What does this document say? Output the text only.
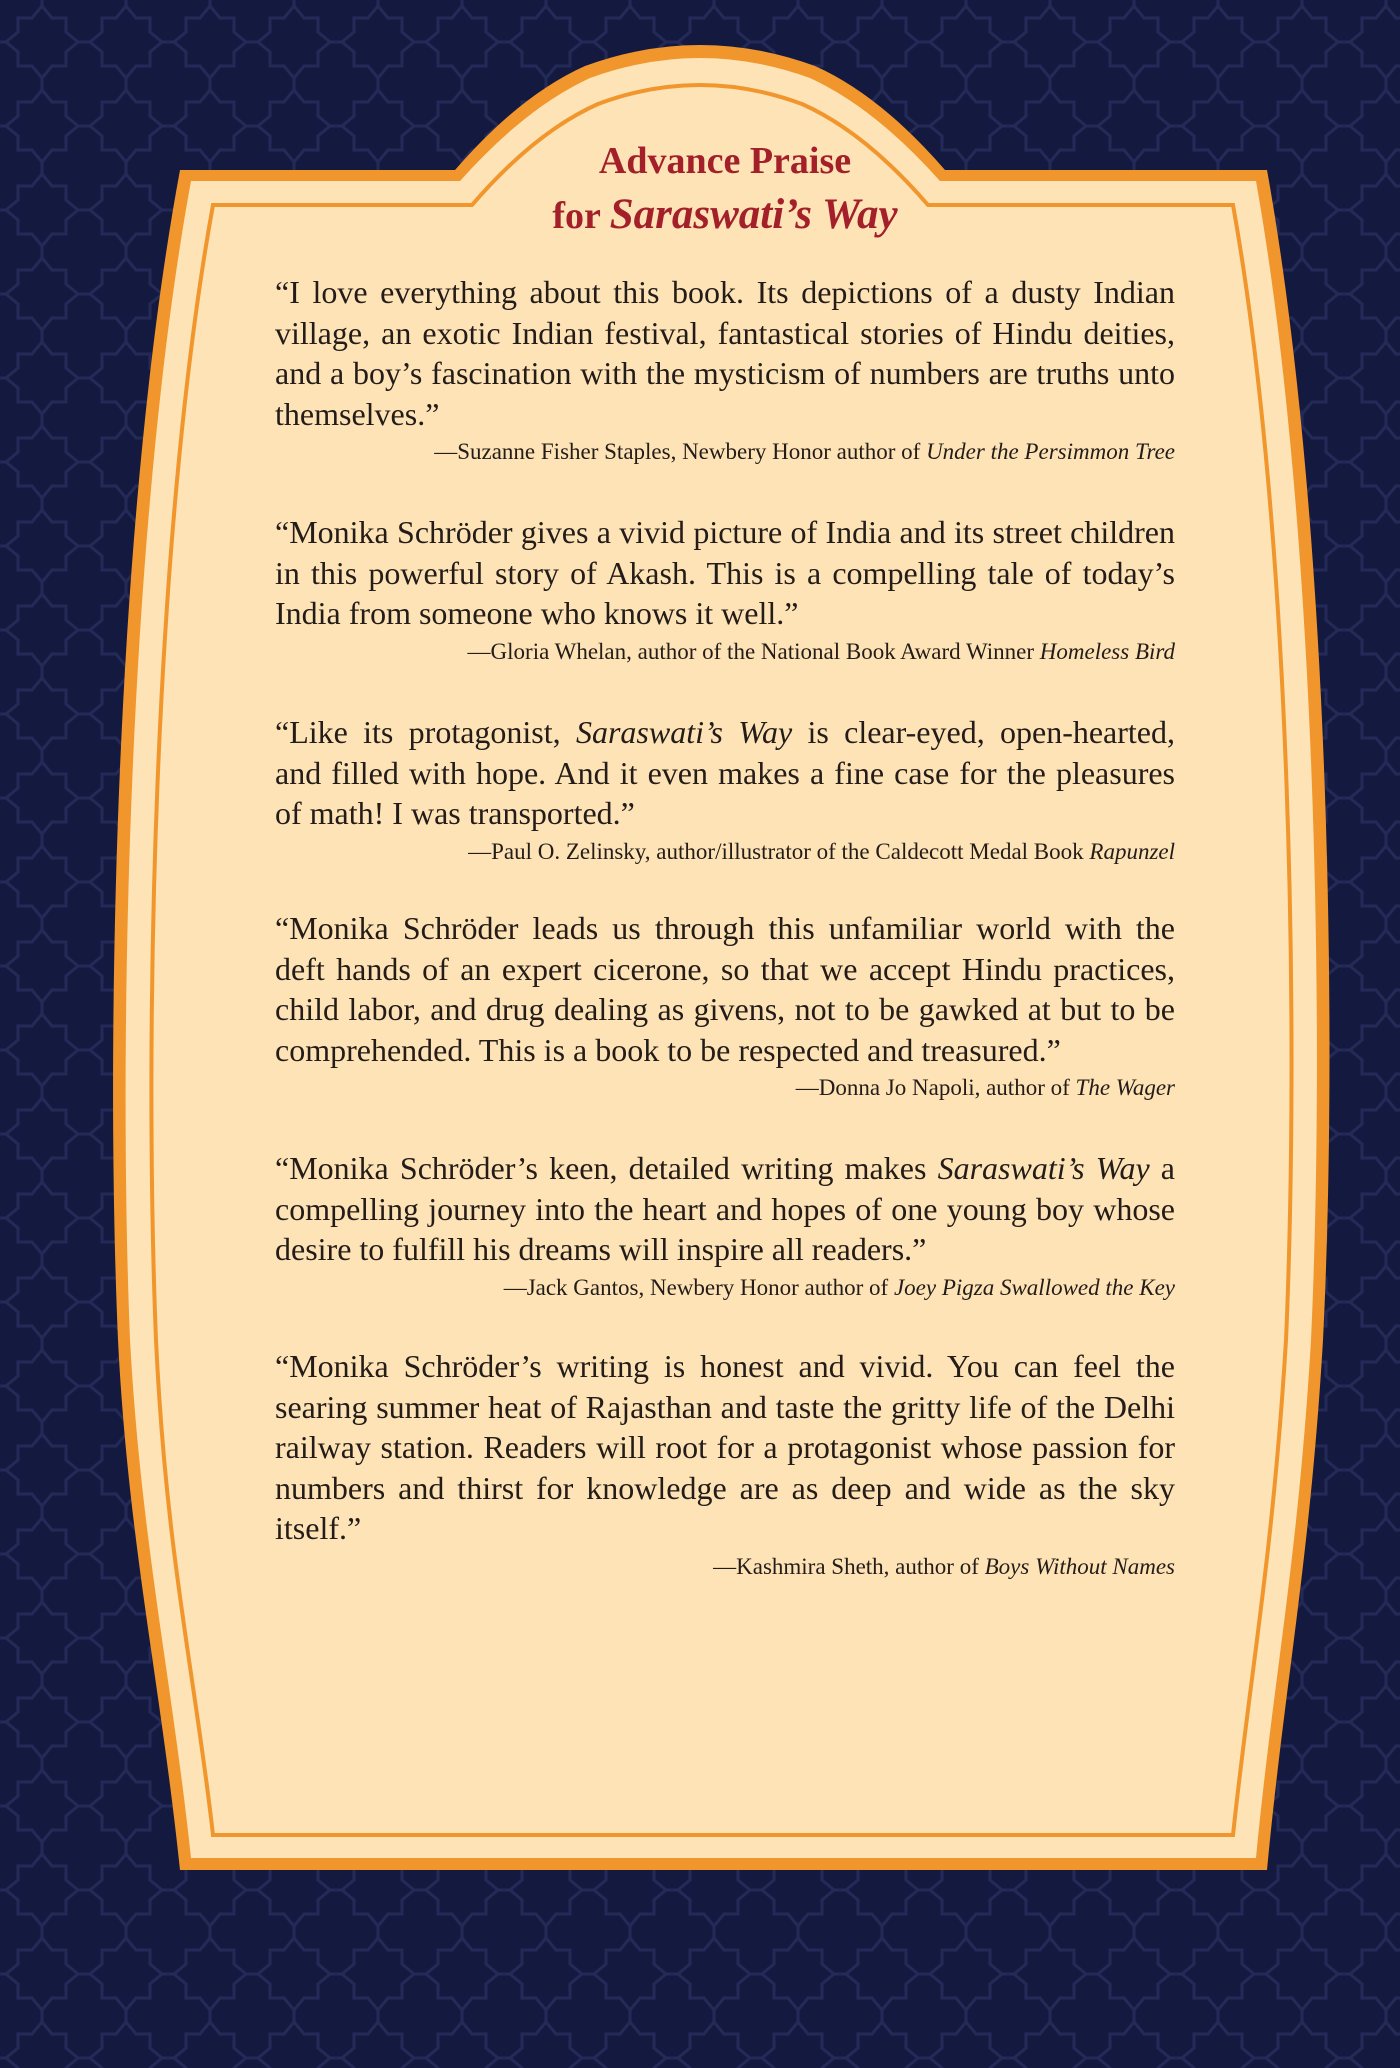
Advance Praise
for Saraswati’s Way

“I love everything about this book. Its depictions of a dusty Indian village, an exotic Indian festival, fantastical stories of Hindu deities, and a boy’s fascination with the mysticism of numbers are truths unto themselves.”

—Suzanne Fisher Staples, Newbery Honor author of Under the Persimmon Tree

“Monika Schröder gives a vivid picture of India and its street children in this powerful story of Akash. This is a compelling tale of today’s India from someone who knows it well.”

—Gloria Whelan, author of the National Book Award Winner Homeless Bird

“Like its protagonist, Saraswati’s Way is clear-eyed, open-hearted, and filled with hope. And it even makes a fine case for the pleasures of math! I was transported.”

—Paul O. Zelinsky, author/illustrator of the Caldecott Medal Book Rapunzel

“Monika Schröder leads us through this unfamiliar world with the deft hands of an expert cicerone, so that we accept Hindu practices, child labor, and drug dealing as givens, not to be gawked at but to be comprehended. This is a book to be respected and treasured.”

—Donna Jo Napoli, author of The Wager

“Monika Schröder’s keen, detailed writing makes Saraswati’s Way a compelling journey into the heart and hopes of one young boy whose desire to fulfill his dreams will inspire all readers.”

—Jack Gantos, Newbery Honor author of Joey Pigza Swallowed the Key

“Monika Schröder’s writing is honest and vivid. You can feel the searing summer heat of Rajasthan and taste the gritty life of the Delhi railway station. Readers will root for a protagonist whose passion for numbers and thirst for knowledge are as deep and wide as the sky itself.”

—Kashmira Sheth, author of Boys Without Names
